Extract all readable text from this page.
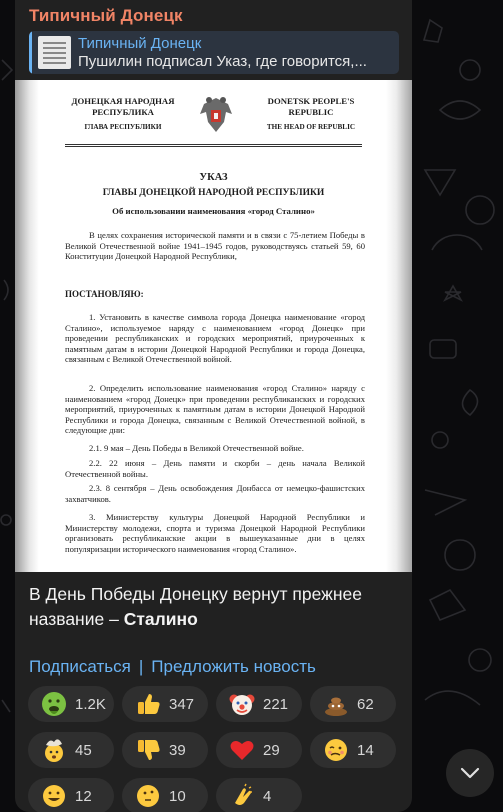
Типичный Донецк
Типичный Донецк
Пушилин подписал Указ, где говорится,...
ДОНЕЦКАЯ НАРОДНАЯ
РЕСПУБЛИКА
ГЛАВА РЕСПУБЛИКИ
DONETSK PEOPLE'S
REPUBLIC
THE HEAD OF REPUBLIC
УКАЗ
ГЛАВЫ ДОНЕЦКОЙ НАРОДНОЙ РЕСПУБЛИКИ
Об использовании наименования «город Сталино»
В целях сохранения исторической памяти и в связи с 75-летием Победы в Великой Отечественной войне 1941–1945 годов, руководствуясь статьей 59, 60 Конституции Донецкой Народной Республики,
ПОСТАНОВЛЯЮ:
1. Установить в качестве символа города Донецка наименование «город Сталино», используемое наряду с наименованием «город Донецк» при проведении республиканских и городских мероприятий, приуроченных к памятным датам в истории Донецкой Народной Республики и города Донецка, связанным с Великой Отечественной войной.
2. Определить использование наименования «город Сталино» наряду с наименованием «город Донецк» при проведении республиканских и городских мероприятий, приуроченных к памятным датам в истории Донецкой Народной Республики и города Донецка, связанным с Великой Отечественной войной, в следующие дни:
2.1. 9 мая – День Победы в Великой Отечественной войне.
2.2. 22 июня – День памяти и скорби – день начала Великой Отечественной войны.
2.3. 8 сентября – День освобождения Донбасса от немецко-фашистских захватчиков.
3. Министерству культуры Донецкой Народной Республики и Министерству молодежи, спорта и туризма Донецкой Народной Республики организовать республиканские акции в вышеуказанные дни в целях популяризации исторического наименования «город Сталино».
В День Победы Донецку вернут прежнее название – Сталино
Подписаться | Предложить новость
1.2K	347	221	62
45	39	29	14
12	10	4
